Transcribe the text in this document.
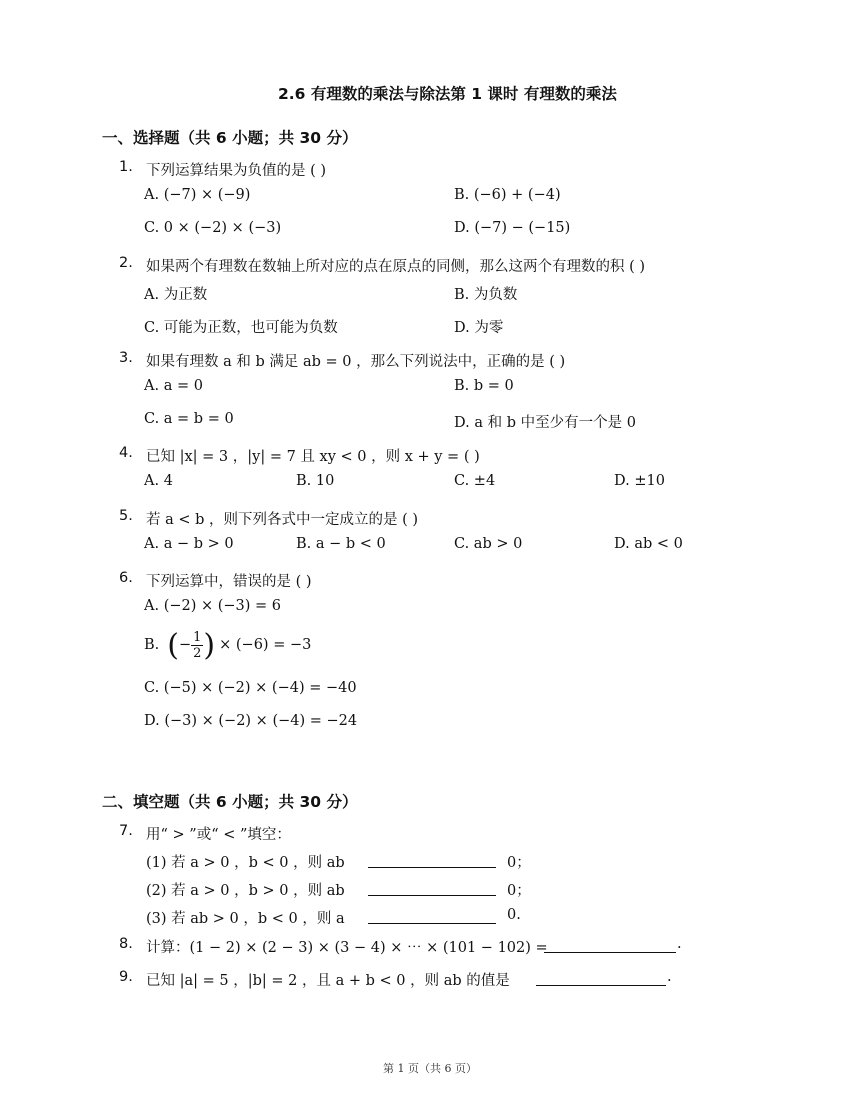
2.6 有理数的乘法与除法第 1 课时 有理数的乘法
一、选择题（共 6 小题；共 30 分）
1. 下列运算结果为负值的是 ( )
A. (−7) × (−9)	B. (−6) + (−4)
C. 0 × (−2) × (−3)	D. (−7) − (−15)
2. 如果两个有理数在数轴上所对应的点在原点的同侧，那么这两个有理数的积 ( )
A. 为正数	B. 为负数
C. 可能为正数，也可能为负数	D. 为零
3. 如果有理数 a 和 b 满足 ab = 0 ，那么下列说法中，正确的是 ( )
A. a = 0	B. b = 0
C. a = b = 0	D. a 和 b 中至少有一个是 0
4. 已知 |x| = 3 ，|y| = 7 且 xy < 0 ，则 x + y = ( )
A. 4	B. 10	C. ±4	D. ±10
5. 若 a < b ，则下列各式中一定成立的是 ( )
A. a − b > 0	B. a − b < 0	C. ab > 0	D. ab < 0
6. 下列运算中，错误的是 ( )
A. (−2) × (−3) = 6
B. ( − $\frac{1}{2}$ ) × (−6) = −3
C. (−5) × (−2) × (−4) = −40
D. (−3) × (−2) × (−4) = −24
二、填空题（共 6 小题；共 30 分）
7. 用“ > ”或“ < ”填空：
(1) 若 a > 0 ，b < 0 ，则 ab	0；
(2) 若 a > 0 ，b > 0 ，则 ab	0；
(3) 若 ab > 0 ，b < 0 ，则 a	0.
8. 计算：(1 − 2) × (2 − 3) × (3 − 4) × ⋯ × (101 − 102) =	.
9. 已知 |a| = 5 ，|b| = 2 ，且 a + b < 0 ，则 ab 的值是	.
第 1 页（共 6 页）
